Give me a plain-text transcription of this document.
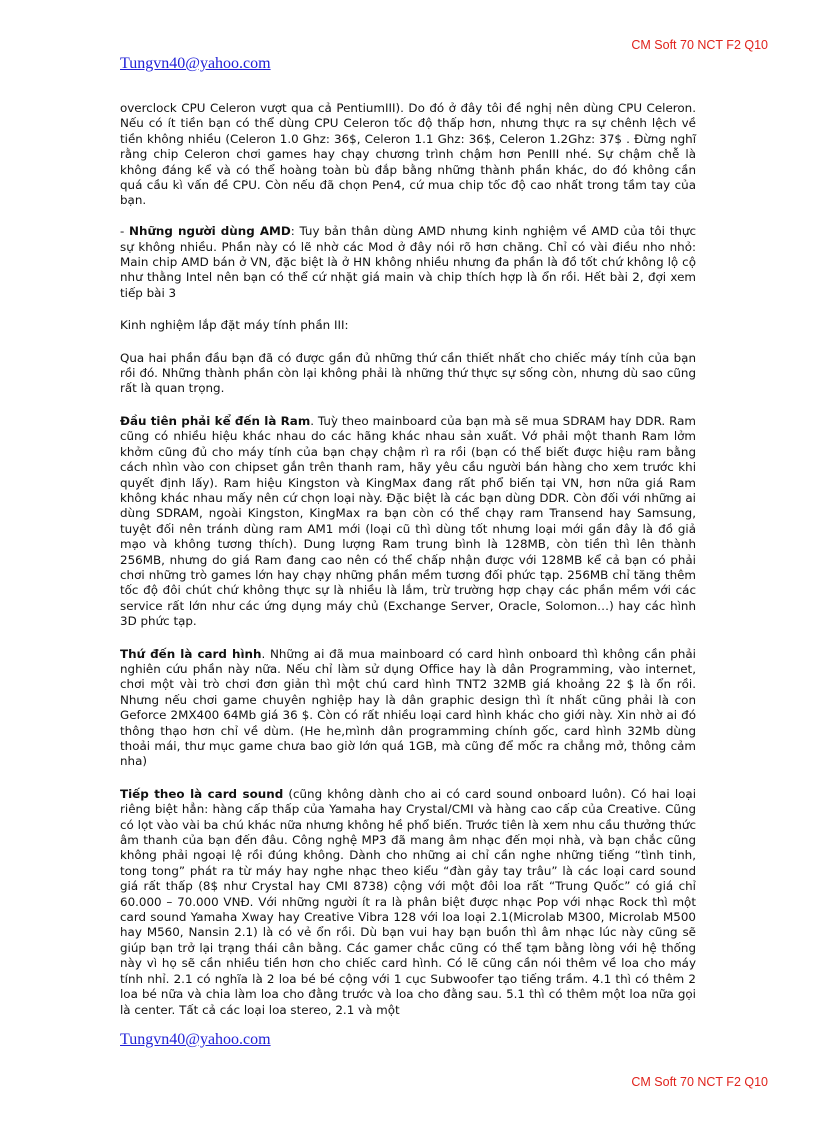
CM Soft 70 NCT F2 Q10
Tungvn40@yahoo.com

overclock CPU Celeron vượt qua cả PentiumIII). Do đó ở đây tôi đề nghị nên dùng CPU Celeron. Nếu có ít tiền bạn có thể dùng CPU Celeron tốc độ thấp hơn, nhưng thực ra sự chênh lệch về tiền không nhiều (Celeron 1.0 Ghz: 36$, Celeron 1.1 Ghz: 36$, Celeron 1.2Ghz: 37$ . Đừng nghĩ rằng chip Celeron chơi games hay chạy chương trình chậm hơn PenIII nhé. Sự chậm chễ là không đáng kể và có thể hoàng toàn bù đắp bằng những thành phần khác, do đó không cần quá cầu kì vấn đề CPU. Còn nếu đã chọn Pen4, cứ mua chip tốc độ cao nhất trong tầm tay của bạn.

- Những người dùng AMD: Tuy bản thân dùng AMD nhưng kinh nghiệm về AMD của tôi thực sự không nhiều. Phần này có lẽ nhờ các Mod ở đây nói rõ hơn chăng. Chỉ có vài điều nho nhỏ: Main chip AMD bán ở VN, đặc biệt là ở HN không nhiều nhưng đa phần là đồ tốt chứ không lộ cộ như thằng Intel nên bạn có thể cứ nhặt giá main và chip thích hợp là ổn rồi. Hết bài 2, đợi xem tiếp bài 3

Kinh nghiệm lắp đặt máy tính phần III:

Qua hai phần đầu bạn đã có được gần đủ những thứ cần thiết nhất cho chiếc máy tính của bạn rồi đó. Những thành phần còn lại không phải là những thứ thực sự sống còn, nhưng dù sao cũng rất là quan trọng.

Đầu tiên phải kể đến là Ram. Tuỳ theo mainboard của bạn mà sẽ mua SDRAM hay DDR. Ram cũng có nhiều hiệu khác nhau do các hãng khác nhau sản xuất. Vớ phải một thanh Ram lởm khởm cũng đủ cho máy tính của bạn chạy chậm rì ra rồi (bạn có thể biết được hiệu ram bằng cách nhìn vào con chipset gắn trên thanh ram, hãy yêu cầu người bán hàng cho xem trước khi quyết định lấy). Ram hiệu Kingston và KingMax đang rất phổ biến tại VN, hơn nữa giá Ram không khác nhau mấy nên cứ chọn loại này. Đặc biệt là các bạn dùng DDR. Còn đối với những ai dùng SDRAM, ngoài Kingston, KingMax ra bạn còn có thể chạy ram Transend hay Samsung, tuyệt đối nên tránh dùng ram AM1 mới (loại cũ thì dùng tốt nhưng loại mới gần đây là đồ giả mạo và không tương thích). Dung lượng Ram trung bình là 128MB, còn tiền thì lên thành 256MB, nhưng do giá Ram đang cao nên có thể chấp nhận được với 128MB kể cả bạn có phải chơi những trò games lớn hay chạy những phần mềm tương đối phức tạp. 256MB chỉ tăng thêm tốc độ đôi chút chứ không thực sự là nhiều là lắm, trừ trường hợp chạy các phần mềm với các service rất lớn như các ứng dụng máy chủ (Exchange Server, Oracle, Solomon…) hay các hình 3D phức tạp.

Thứ đến là card hình. Những ai đã mua mainboard có card hình onboard thì không cần phải nghiên cứu phần này nữa. Nếu chỉ làm sử dụng Office hay là dân Programming, vào internet, chơi một vài trò chơi đơn giản thì một chú card hình TNT2 32MB giá khoảng 22 $ là ổn rồi. Nhưng nếu chơi game chuyên nghiệp hay là dân graphic design thì ít nhất cũng phải là con Geforce 2MX400 64Mb giá 36 $. Còn có rất nhiều loại card hình khác cho giới này. Xin nhờ ai đó thông thạo hơn chỉ về dùm. (He he,mình dân programming chính gốc, card hình 32Mb dùng thoải mái, thư mục game chưa bao giờ lớn quá 1GB, mà cũng để mốc ra chẳng mở, thông cảm nha)

Tiếp theo là card sound (cũng không dành cho ai có card sound onboard luôn). Có hai loại riêng biệt hẳn: hàng cấp thấp của Yamaha hay Crystal/CMI và hàng cao cấp của Creative. Cũng có lọt vào vài ba chú khác nữa nhưng không hề phổ biến. Trước tiên là xem nhu cầu thưởng thức âm thanh của bạn đến đâu. Công nghệ MP3 đã mang âm nhạc đến mọi nhà, và bạn chắc cũng không phải ngoại lệ rồi đúng không. Dành cho những ai chỉ cần nghe những tiếng “tình tinh, tong tong” phát ra từ máy hay nghe nhạc theo kiểu “đàn gảy tay trâu” là các loại card sound giá rất thấp (8$ như Crystal hay CMI 8738) cộng với một đôi loa rất “Trung Quốc” có giá chỉ 60.000 – 70.000 VNĐ. Với những người ít ra là phân biệt được nhạc Pop với nhạc Rock thì một card sound Yamaha Xway hay Creative Vibra 128 với loa loại 2.1(Microlab M300, Microlab M500 hay M560, Nansin 2.1) là có vẻ ổn rồi. Dù bạn vui hay bạn buồn thì âm nhạc lúc này cũng sẽ giúp bạn trở lại trạng thái cân bằng. Các gamer chắc cũng có thể tạm bằng lòng với hệ thống này vì họ sẽ cần nhiều tiền hơn cho chiếc card hình. Có lẽ cũng cần nói thêm về loa cho máy tính nhỉ. 2.1 có nghĩa là 2 loa bé bé cộng với 1 cục Subwoofer tạo tiếng trầm. 4.1 thì có thêm 2 loa bé nữa và chia làm loa cho đằng trước và loa cho đằng sau. 5.1 thì có thêm một loa nữa gọi là center. Tất cả các loại loa stereo, 2.1 và một

Tungvn40@yahoo.com
CM Soft 70 NCT F2 Q10
